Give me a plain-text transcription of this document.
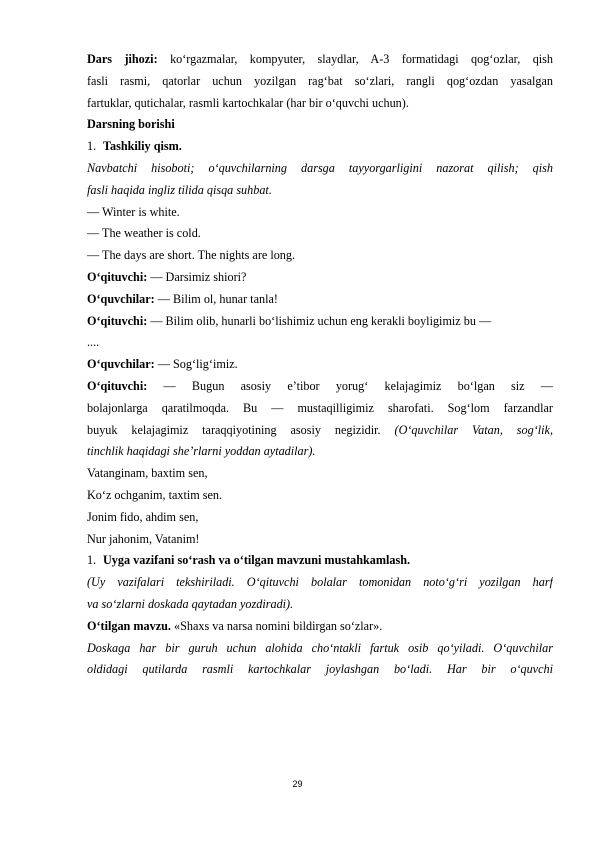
Dars jihozi: ko‘rgazmalar, kompyuter, slaydlar, A-3 formatidagi qog‘ozlar, qish
fasli rasmi, qatorlar uchun yozilgan rag‘bat so‘zlari, rangli qog‘ozdan yasalgan
fartuklar, qutichalar, rasmli kartochkalar (har bir o‘quvchi uchun).
Darsning borishi
1. Tashkiliy qism.
Navbatchi hisoboti; o‘quvchilarning darsga tayyorgarligini nazorat qilish; qish
fasli haqida ingliz tilida qisqa suhbat.
— Winter is white.
— The weather is cold.
— The days are short. The nights are long.
O‘qituvchi: — Darsimiz shiori?
O‘quvchilar: — Bilim ol, hunar tanla!
O‘qituvchi: — Bilim olib, hunarli bo‘lishimiz uchun eng kerakli boyligimiz bu —
....
O‘quvchilar: — Sog‘lig‘imiz.
O‘qituvchi: — Bugun asosiy e’tibor yorug‘ kelajagimiz bo‘lgan siz —
bolajonlarga qaratilmoqda. Bu — mustaqilligimiz sharofati. Sog‘lom farzandlar
buyuk kelajagimiz taraqqiyotining asosiy negizidir. (O‘quvchilar Vatan, sog‘lik,
tinchlik haqidagi she’rlarni yoddan aytadilar).
Vatanginam, baxtim sen,
Ko‘z ochganim, taxtim sen.
Jonim fido, ahdim sen,
Nur jahonim, Vatanim!
1. Uyga vazifani so‘rash va o‘tilgan mavzuni mustahkamlash.
(Uy vazifalari tekshiriladi. O‘qituvchi bolalar tomonidan noto‘g‘ri yozilgan harf
va so‘zlarni doskada qaytadan yozdiradi).
O‘tilgan mavzu. «Shaxs va narsa nomini bildirgan so‘zlar».
Doskaga har bir guruh uchun alohida cho‘ntakli fartuk osib qo‘yiladi. O‘quvchilar
oldidagi qutilarda rasmli kartochkalar joylashgan bo‘ladi. Har bir o‘quvchi
29
